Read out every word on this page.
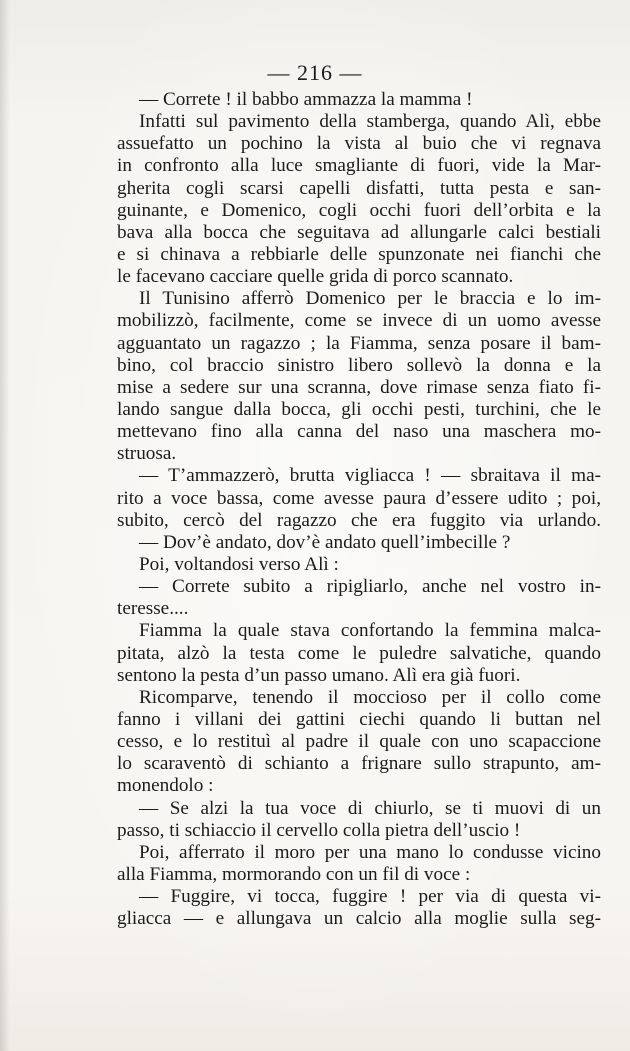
— 216 —
— Correte ! il babbo ammazza la mamma !
Infatti sul pavimento della stamberga, quando Alì, ebbe
assuefatto un pochino la vista al buio che vi regnava
in confronto alla luce smagliante di fuori, vide la Mar-
gherita cogli scarsi capelli disfatti, tutta pesta e san-
guinante, e Domenico, cogli occhi fuori dell’orbita e la
bava alla bocca che seguitava ad allungarle calci bestiali
e si chinava a rebbiarle delle spunzonate nei fianchi che
le facevano cacciare quelle grida di porco scannato.
Il Tunisino afferrò Domenico per le braccia e lo im-
mobilizzò, facilmente, come se invece di un uomo avesse
agguantato un ragazzo ; la Fiamma, senza posare il bam-
bino, col braccio sinistro libero sollevò la donna e la
mise a sedere sur una scranna, dove rimase senza fiato fi-
lando sangue dalla bocca, gli occhi pesti, turchini, che le
mettevano fino alla canna del naso una maschera mo-
struosa.
— T’ammazzerò, brutta vigliacca ! — sbraitava il ma-
rito a voce bassa, come avesse paura d’essere udito ; poi,
subito, cercò del ragazzo che era fuggito via urlando.
— Dov’è andato, dov’è andato quell’imbecille ?
Poi, voltandosi verso Alì :
— Correte subito a ripigliarlo, anche nel vostro in-
teresse....
Fiamma la quale stava confortando la femmina malca-
pitata, alzò la testa come le puledre salvatiche, quando
sentono la pesta d’un passo umano. Alì era già fuori.
Ricomparve, tenendo il moccioso per il collo come
fanno i villani dei gattini ciechi quando li buttan nel
cesso, e lo restituì al padre il quale con uno scapaccione
lo scaraventò di schianto a frignare sullo strapunto, am-
monendolo :
— Se alzi la tua voce di chiurlo, se ti muovi di un
passo, ti schiaccio il cervello colla pietra dell’uscio !
Poi, afferrato il moro per una mano lo condusse vicino
alla Fiamma, mormorando con un fil di voce :
— Fuggire, vi tocca, fuggire ! per via di questa vi-
gliacca — e allungava un calcio alla moglie sulla seg-
